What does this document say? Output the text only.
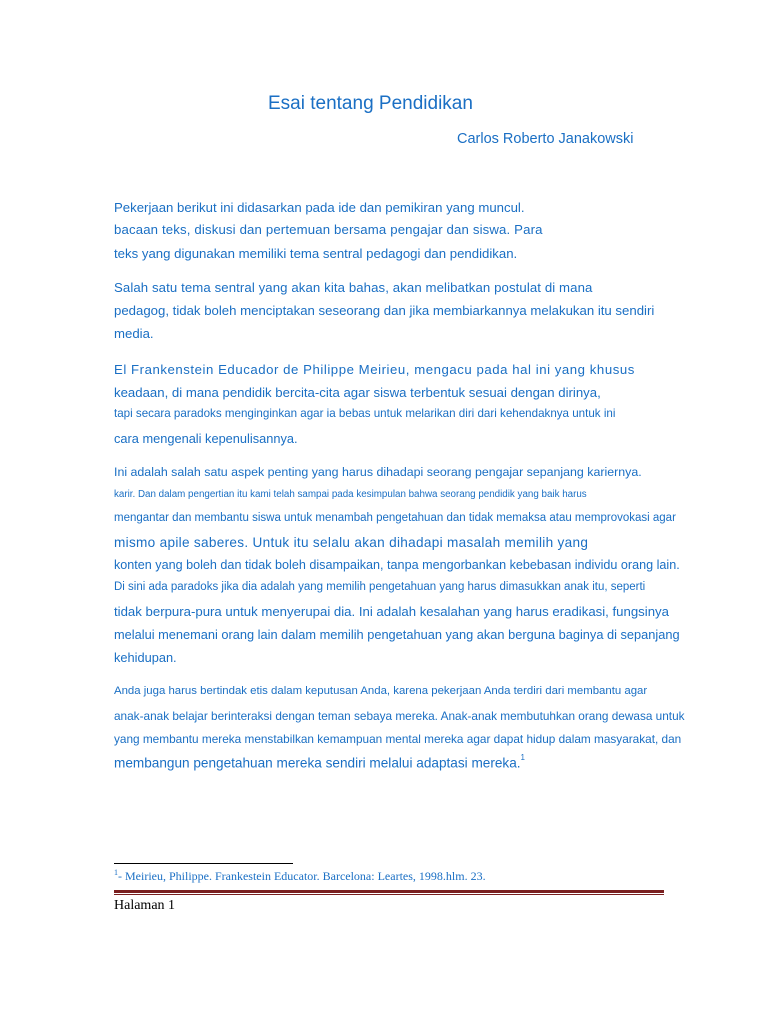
Esai tentang Pendidikan
Carlos Roberto Janakowski
Pekerjaan berikut ini didasarkan pada ide dan pemikiran yang muncul.
bacaan teks, diskusi dan pertemuan bersama pengajar dan siswa. Para
teks yang digunakan memiliki tema sentral pedagogi dan pendidikan.
Salah satu tema sentral yang akan kita bahas, akan melibatkan postulat di mana
pedagog, tidak boleh menciptakan seseorang dan jika membiarkannya melakukan itu sendiri
media.
El Frankenstein Educador de Philippe Meirieu, mengacu pada hal ini yang khusus
keadaan, di mana pendidik bercita-cita agar siswa terbentuk sesuai dengan dirinya,
tapi secara paradoks menginginkan agar ia bebas untuk melarikan diri dari kehendaknya untuk ini
cara mengenali kepenulisannya.
Ini adalah salah satu aspek penting yang harus dihadapi seorang pengajar sepanjang kariernya.
karir. Dan dalam pengertian itu kami telah sampai pada kesimpulan bahwa seorang pendidik yang baik harus
mengantar dan membantu siswa untuk menambah pengetahuan dan tidak memaksa atau memprovokasi agar
mismo apile saberes. Untuk itu selalu akan dihadapi masalah memilih yang
konten yang boleh dan tidak boleh disampaikan, tanpa mengorbankan kebebasan individu orang lain.
Di sini ada paradoks jika dia adalah yang memilih pengetahuan yang harus dimasukkan anak itu, seperti
tidak berpura-pura untuk menyerupai dia. Ini adalah kesalahan yang harus eradikasi, fungsinya
melalui menemani orang lain dalam memilih pengetahuan yang akan berguna baginya di sepanjang
kehidupan.
Anda juga harus bertindak etis dalam keputusan Anda, karena pekerjaan Anda terdiri dari membantu agar
anak-anak belajar berinteraksi dengan teman sebaya mereka. Anak-anak membutuhkan orang dewasa untuk
yang membantu mereka menstabilkan kemampuan mental mereka agar dapat hidup dalam masyarakat, dan
membangun pengetahuan mereka sendiri melalui adaptasi mereka.$^1$
$^1$- Meirieu, Philippe. Frankestein Educator. Barcelona: Leartes, 1998.hlm. 23.
Halaman 1
